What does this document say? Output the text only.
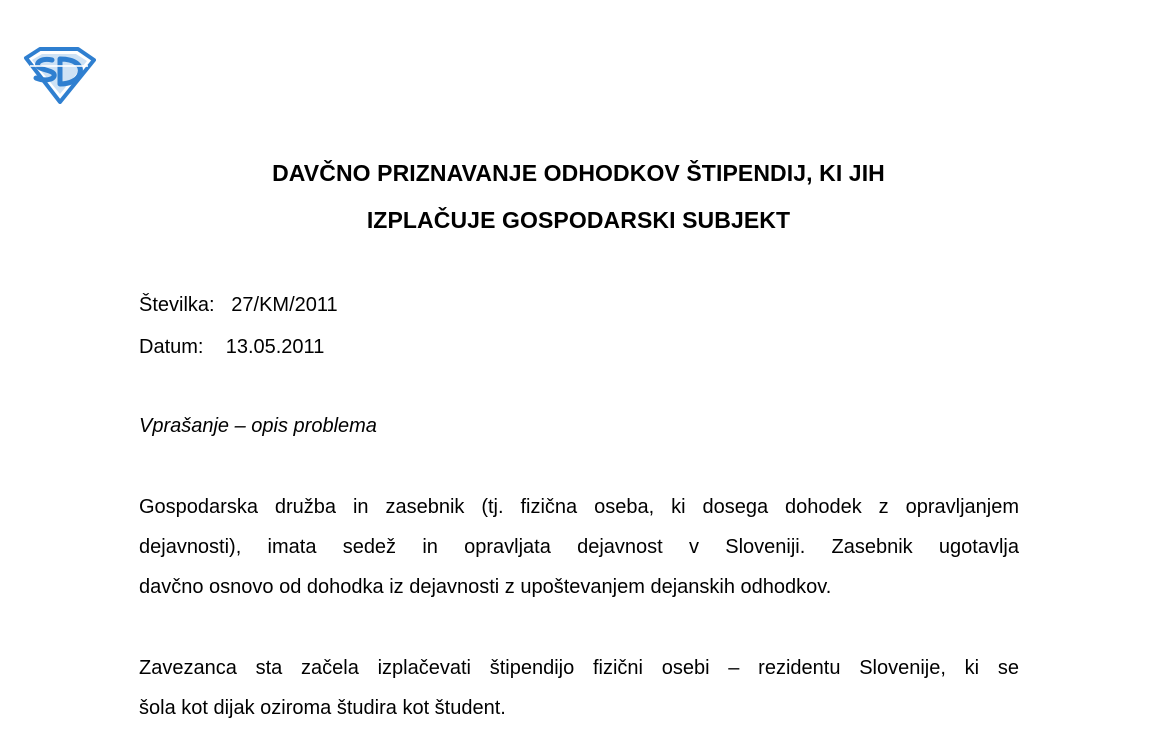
DAVČNO PRIZNAVANJE ODHODKOV ŠTIPENDIJ, KI JIH
IZPLAČUJE GOSPODARSKI SUBJEKT
Številka: 27/KM/2011
Datum: 13.05.2011
Vprašanje – opis problema
Gospodarska družba in zasebnik (tj. fizična oseba, ki dosega dohodek z opravljanjem
dejavnosti), imata sedež in opravljata dejavnost v Sloveniji. Zasebnik ugotavlja
davčno osnovo od dohodka iz dejavnosti z upoštevanjem dejanskih odhodkov.
Zavezanca sta začela izplačevati štipendijo fizični osebi – rezidentu Slovenije, ki se
šola kot dijak oziroma študira kot študent.
